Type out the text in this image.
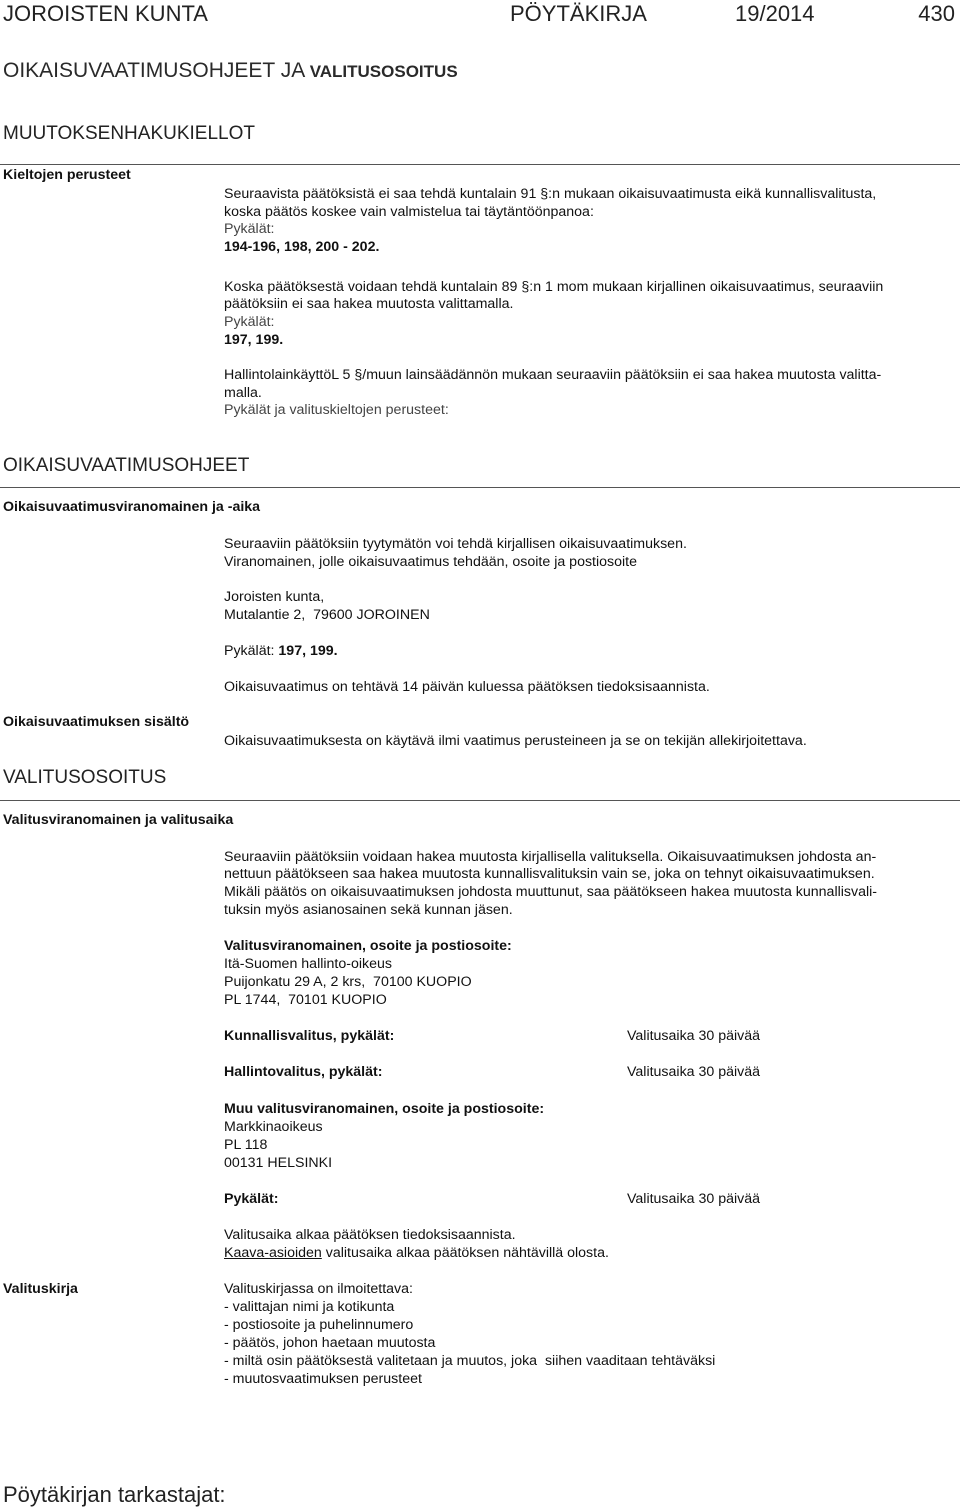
JOROISTEN KUNTA	PÖYTÄKIRJA	19/2014	430
OIKAISUVAATIMUSOHJEET JA VALITUSOSOITUS
MUUTOKSENHAKUKIELLOT
Kieltojen perusteet
Seuraavista päätöksistä ei saa tehdä kuntalain 91 §:n mukaan oikaisuvaatimusta eikä kunnallisvalitusta,
koska päätös koskee vain valmistelua tai täytäntöönpanoa:
Pykälät:
194-196, 198, 200 - 202.
Koska päätöksestä voidaan tehdä kuntalain 89 §:n 1 mom mukaan kirjallinen oikaisuvaatimus, seuraaviin
päätöksiin ei saa hakea muutosta valittamalla.
Pykälät:
197, 199.
HallintolainkäyttöL 5 §/muun lainsäädännön mukaan seuraaviin päätöksiin ei saa hakea muutosta valitta-
malla.
Pykälät ja valituskieltojen perusteet:
OIKAISUVAATIMUSOHJEET
Oikaisuvaatimusviranomainen ja -aika
Seuraaviin päätöksiin tyytymätön voi tehdä kirjallisen oikaisuvaatimuksen.
Viranomainen, jolle oikaisuvaatimus tehdään, osoite ja postiosoite
Joroisten kunta,
Mutalantie 2,  79600 JOROINEN
Pykälät: 197, 199.
Oikaisuvaatimus on tehtävä 14 päivän kuluessa päätöksen tiedoksisaannista.
Oikaisuvaatimuksen sisältö
Oikaisuvaatimuksesta on käytävä ilmi vaatimus perusteineen ja se on tekijän allekirjoitettava.
VALITUSOSOITUS
Valitusviranomainen ja valitusaika
Seuraaviin päätöksiin voidaan hakea muutosta kirjallisella valituksella. Oikaisuvaatimuksen johdosta an-
nettuun päätökseen saa hakea muutosta kunnallisvalituksin vain se, joka on tehnyt oikaisuvaatimuksen.
Mikäli päätös on oikaisuvaatimuksen johdosta muuttunut, saa päätökseen hakea muutosta kunnallisvali-
tuksin myös asianosainen sekä kunnan jäsen.
Valitusviranomainen, osoite ja postiosoite:
Itä-Suomen hallinto-oikeus
Puijonkatu 29 A, 2 krs,  70100 KUOPIO
PL 1744,  70101 KUOPIO
Kunnallisvalitus, pykälät:	Valitusaika 30 päivää
Hallintovalitus, pykälät:	Valitusaika 30 päivää
Muu valitusviranomainen, osoite ja postiosoite:
Markkinaoikeus
PL 118
00131 HELSINKI
Pykälät:	Valitusaika 30 päivää
Valitusaika alkaa päätöksen tiedoksisaannista.
Kaava-asioiden valitusaika alkaa päätöksen nähtävillä olosta.
Valituskirja	Valituskirjassa on ilmoitettava:
- valittajan nimi ja kotikunta
- postiosoite ja puhelinnumero
- päätös, johon haetaan muutosta
- miltä osin päätöksestä valitetaan ja muutos, joka  siihen vaaditaan tehtäväksi
- muutosvaatimuksen perusteet
Pöytäkirjan tarkastajat:
